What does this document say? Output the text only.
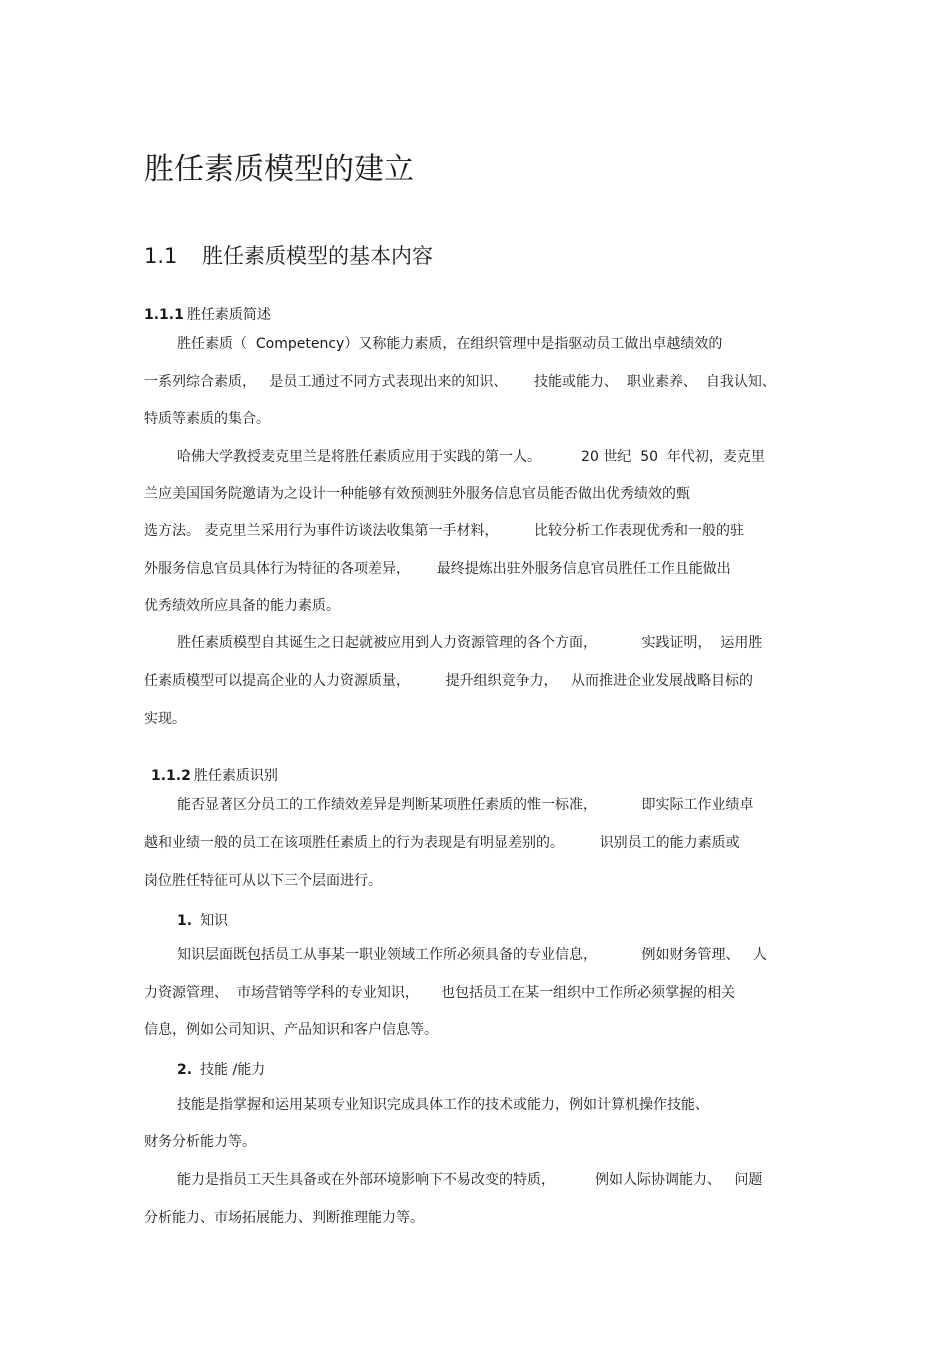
胜任素质模型的建立
1.1 胜任素质模型的基本内容
1.1.1 胜任素质简述
胜任素质（  Competency）又称能力素质，在组织管理中是指驱动员工做出卓越绩效的
一系列综合素质，   是员工通过不同方式表现出来的知识、      技能或能力、  职业素养、  自我认知、
特质等素质的集合。
哈佛大学教授麦克里兰是将胜任素质应用于实践的第一人。         20 世纪  50  年代初，麦克里
兰应美国国务院邀请为之设计一种能够有效预测驻外服务信息官员能否做出优秀绩效的甄
选方法。 麦克里兰采用行为事件访谈法收集第一手材料，        比较分析工作表现优秀和一般的驻
外服务信息官员具体行为特征的各项差异，      最终提炼出驻外服务信息官员胜任工作且能做出
优秀绩效所应具备的能力素质。
胜任素质模型自其诞生之日起就被应用到人力资源管理的各个方面，          实践证明，  运用胜
任素质模型可以提高企业的人力资源质量，        提升组织竞争力，   从而推进企业发展战略目标的
实现。
1.1.2 胜任素质识别
能否显著区分员工的工作绩效差异是判断某项胜任素质的惟一标准，          即实际工作业绩卓
越和业绩一般的员工在该项胜任素质上的行为表现是有明显差别的。        识别员工的能力素质或
岗位胜任特征可从以下三个层面进行。
1. 知识
知识层面既包括员工从事某一职业领域工作所必须具备的专业信息，          例如财务管理、   人
力资源管理、  市场营销等学科的专业知识，     也包括员工在某一组织中工作所必须掌握的相关
信息，例如公司知识、产品知识和客户信息等。
2. 技能 /能力
技能是指掌握和运用某项专业知识完成具体工作的技术或能力，例如计算机操作技能、
财务分析能力等。
能力是指员工天生具备或在外部环境影响下不易改变的特质，         例如人际协调能力、   问题
分析能力、市场拓展能力、判断推理能力等。
